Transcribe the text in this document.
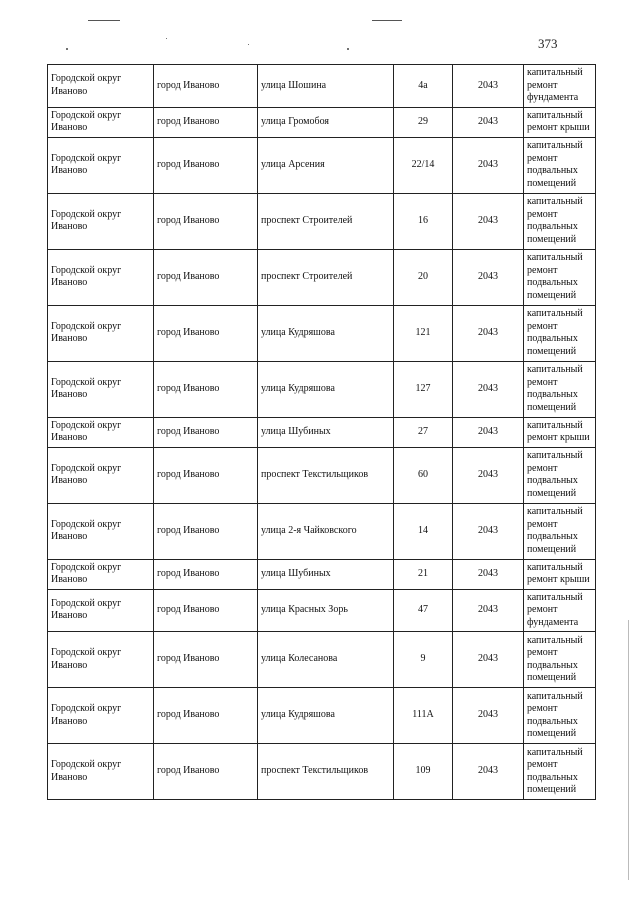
373
Городской округ Иваново	город Иваново	улица Шошина	4а	2043	капитальный ремонт фундамента
Городской округ Иваново	город Иваново	улица Громобоя	29	2043	капитальный ремонт крыши
Городской округ Иваново	город Иваново	улица Арсения	22/14	2043	капитальный ремонт подвальных помещений
Городской округ Иваново	город Иваново	проспект Строителей	16	2043	капитальный ремонт подвальных помещений
Городской округ Иваново	город Иваново	проспект Строителей	20	2043	капитальный ремонт подвальных помещений
Городской округ Иваново	город Иваново	улица Кудряшова	121	2043	капитальный ремонт подвальных помещений
Городской округ Иваново	город Иваново	улица Кудряшова	127	2043	капитальный ремонт подвальных помещений
Городской округ Иваново	город Иваново	улица Шубиных	27	2043	капитальный ремонт крыши
Городской округ Иваново	город Иваново	проспект Текстильщиков	60	2043	капитальный ремонт подвальных помещений
Городской округ Иваново	город Иваново	улица 2-я Чайковского	14	2043	капитальный ремонт подвальных помещений
Городской округ Иваново	город Иваново	улица Шубиных	21	2043	капитальный ремонт крыши
Городской округ Иваново	город Иваново	улица Красных Зорь	47	2043	капитальный ремонт фундамента
Городской округ Иваново	город Иваново	улица Колесанова	9	2043	капитальный ремонт подвальных помещений
Городской округ Иваново	город Иваново	улица Кудряшова	111А	2043	капитальный ремонт подвальных помещений
Городской округ Иваново	город Иваново	проспект Текстильщиков	109	2043	капитальный ремонт подвальных помещений
